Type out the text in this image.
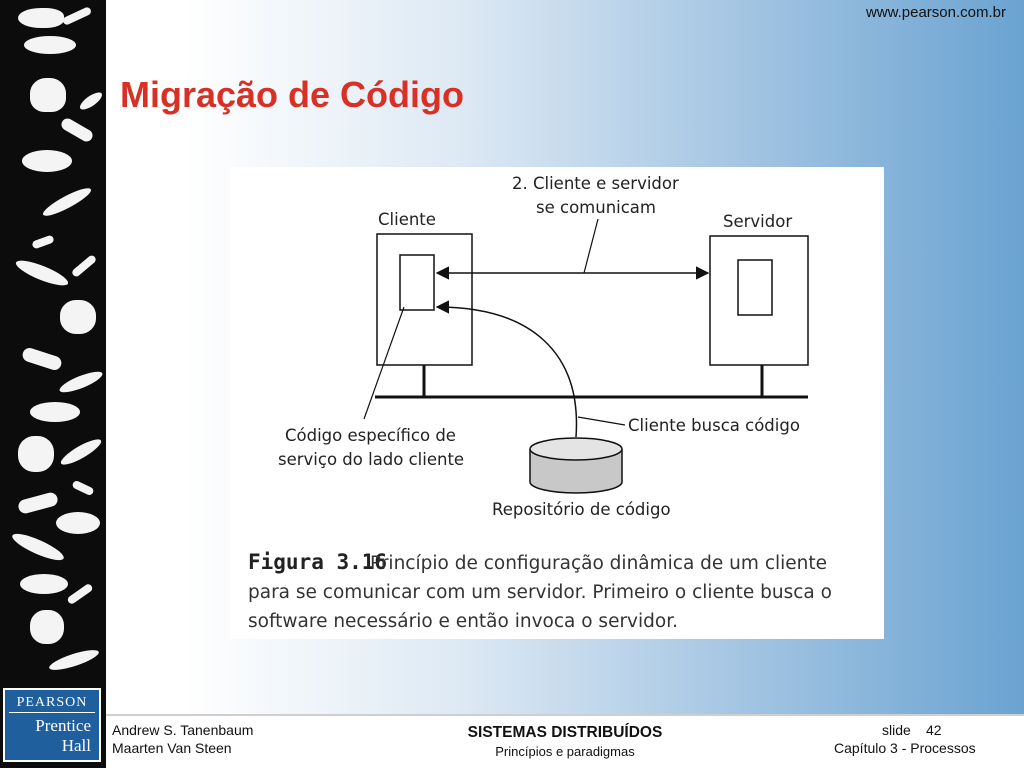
PEARSON
Prentice
Hall
www.pearson.com.br
Migração de Código
Cliente	Servidor
2. Cliente e servidor
se comunicam
Cliente busca código
Código específico de
serviço do lado cliente
Repositório de código
Figura 3.16
Princípio de configuração dinâmica de um cliente
para se comunicar com um servidor. Primeiro o cliente busca o
software necessário e então invoca o servidor.
Andrew S. Tanenbaum
Maarten Van Steen
SISTEMAS DISTRIBUÍDOS
Princípios e paradigmas
slide 42
Capítulo 3 - Processos
